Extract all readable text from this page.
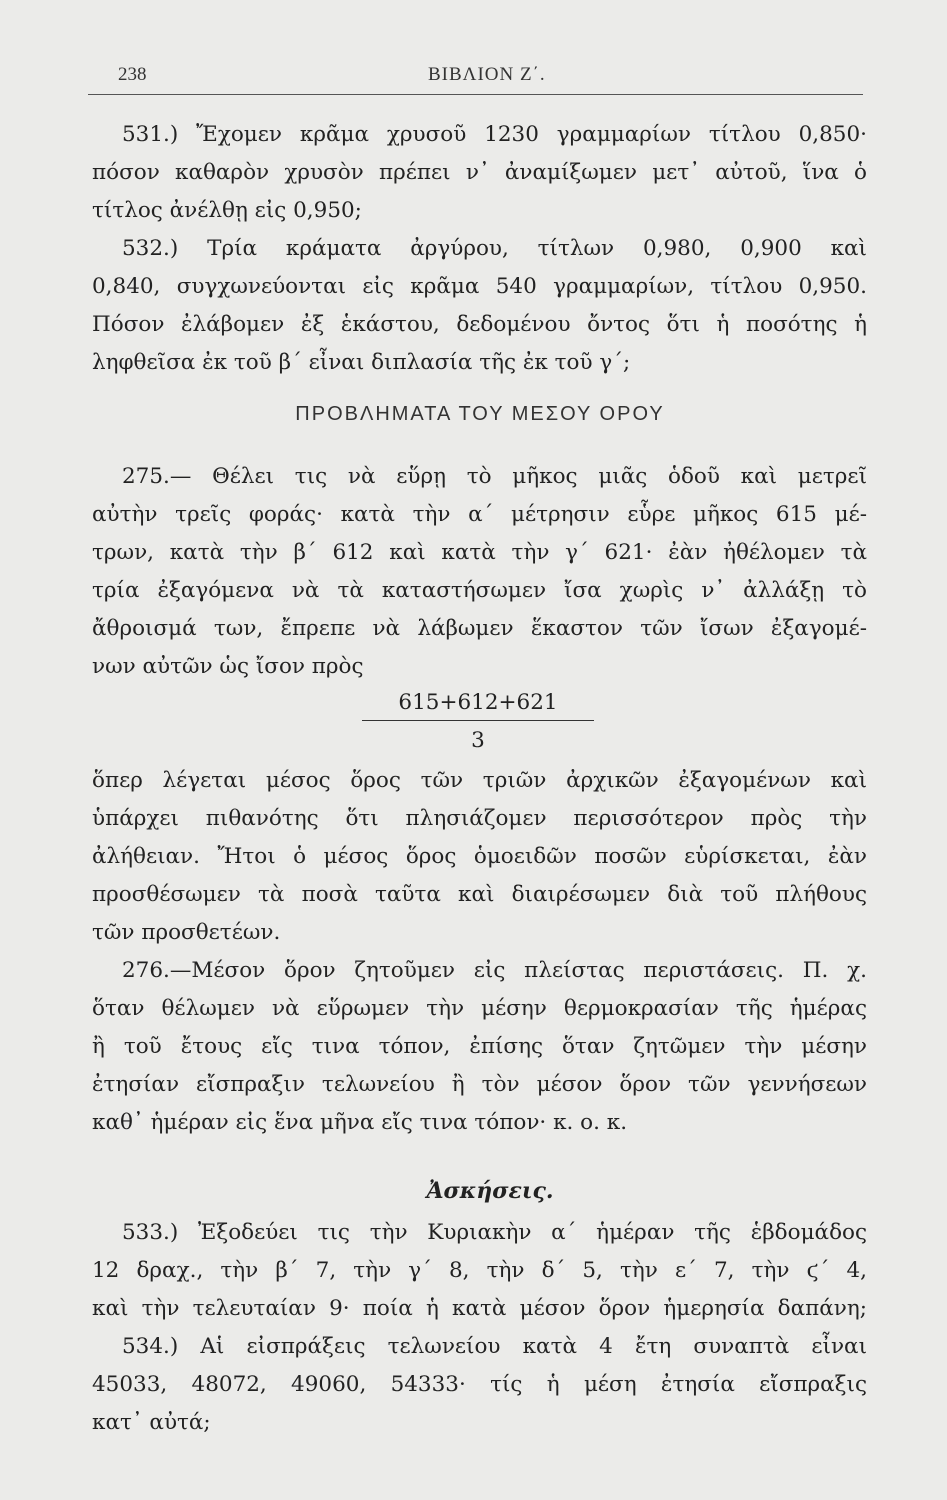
238	ΒΙΒΛΙΟΝ Ζ΄.
531.) Ἔχομεν κρᾶμα χρυσοῦ 1230 γραμμαρίων τίτλου 0,850·
πόσον καθαρὸν χρυσὸν πρέπει ν᾽ ἀναμίξωμεν μετ᾽ αὐτοῦ, ἵνα ὁ
τίτλος ἀνέλθῃ εἰς 0,950;
532.) Τρία κράματα ἀργύρου, τίτλων 0,980, 0,900 καὶ
0,840, συγχωνεύονται εἰς κρᾶμα 540 γραμμαρίων, τίτλου 0,950.
Πόσον ἐλάβομεν ἐξ ἑκάστου, δεδομένου ὄντος ὅτι ἡ ποσότης ἡ
ληφθεῖσα ἐκ τοῦ β΄ εἶναι διπλασία τῆς ἐκ τοῦ γ΄;
ΠΡΟΒΛΗΜΑΤΑ ΤΟΥ ΜΕΣΟΥ ΟΡΟΥ
275.— Θέλει τις νὰ εὕρῃ τὸ μῆκος μιᾶς ὁδοῦ καὶ μετρεῖ
αὐτὴν τρεῖς φοράς· κατὰ τὴν α΄ μέτρησιν εὗρε μῆκος 615 μέ-
τρων, κατὰ τὴν β΄ 612 καὶ κατὰ τὴν γ΄ 621· ἐὰν ἠθέλομεν τὰ
τρία ἐξαγόμενα νὰ τὰ καταστήσωμεν ἴσα χωρὶς ν᾽ ἀλλάξῃ τὸ
ἄθροισμά των, ἔπρεπε νὰ λάβωμεν ἕκαστον τῶν ἴσων ἐξαγομέ-
νων αὐτῶν ὡς ἴσον πρὸς
615+612+621
3
ὅπερ λέγεται μέσος ὅρος τῶν τριῶν ἀρχικῶν ἐξαγομένων καὶ
ὑπάρχει πιθανότης ὅτι πλησιάζομεν περισσότερον πρὸς τὴν
ἀλήθειαν. Ἤτοι ὁ μέσος ὅρος ὁμοειδῶν ποσῶν εὑρίσκεται, ἐὰν
προσθέσωμεν τὰ ποσὰ ταῦτα καὶ διαιρέσωμεν διὰ τοῦ πλήθους
τῶν προσθετέων.
276.—Μέσον ὅρον ζητοῦμεν εἰς πλείστας περιστάσεις. Π. χ.
ὅταν θέλωμεν νὰ εὕρωμεν τὴν μέσην θερμοκρασίαν τῆς ἡμέρας
ἢ τοῦ ἔτους εἴς τινα τόπον, ἐπίσης ὅταν ζητῶμεν τὴν μέσην
ἐτησίαν εἴσπραξιν τελωνείου ἢ τὸν μέσον ὅρον τῶν γεννήσεων
καθ᾽ ἡμέραν εἰς ἕνα μῆνα εἴς τινα τόπον· κ. ο. κ.
Ἀσκήσεις.
533.) Ἐξοδεύει τις τὴν Κυριακὴν α΄ ἡμέραν τῆς ἑβδομάδος
12 δραχ., τὴν β΄ 7, τὴν γ΄ 8, τὴν δ΄ 5, τὴν ε΄ 7, τὴν ϛ΄ 4,
καὶ τὴν τελευταίαν 9· ποία ἡ κατὰ μέσον ὅρον ἡμερησία δαπάνη;
534.) Αἱ εἰσπράξεις τελωνείου κατὰ 4 ἔτη συναπτὰ εἶναι
45033, 48072, 49060, 54333· τίς ἡ μέση ἐτησία εἴσπραξις
κατ᾽ αὐτά;
